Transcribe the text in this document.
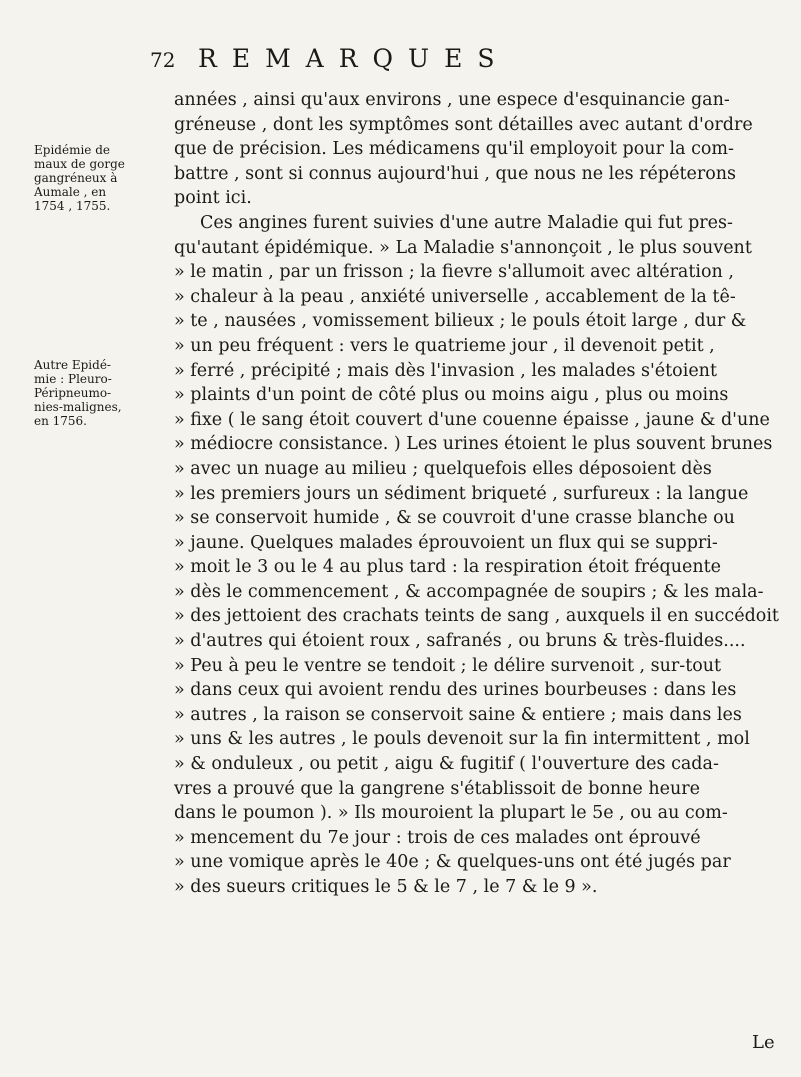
72 REMARQUES
Epidémie de
maux de gorge
gangréneux à
Aumale , en
1754 , 1755.
Autre Epidé-
mie : Pleuro-
Péripneumo-
nies-malignes,
en 1756.
années , ainsi qu'aux environs , une espece d'esquinancie gan-
gréneuse , dont les symptômes sont détailles avec autant d'ordre
que de précision. Les médicamens qu'il employoit pour la com-
battre , sont si connus aujourd'hui , que nous ne les répéterons
point ici.
Ces angines furent suivies d'une autre Maladie qui fut pres-
qu'autant épidémique. » La Maladie s'annonçoit , le plus souvent
» le matin , par un frisson ; la fievre s'allumoit avec altération ,
» chaleur à la peau , anxiété universelle , accablement de la tê-
» te , nausées , vomissement bilieux ; le pouls étoit large , dur &
» un peu fréquent : vers le quatrieme jour , il devenoit petit ,
» ferré , précipité ; mais dès l'invasion , les malades s'étoient
» plaints d'un point de côté plus ou moins aigu , plus ou moins
» fixe ( le sang étoit couvert d'une couenne épaisse , jaune & d'une
» médiocre consistance. ) Les urines étoient le plus souvent brunes
» avec un nuage au milieu ; quelquefois elles déposoient dès
» les premiers jours un sédiment briqueté , surfureux : la langue
» se conservoit humide , & se couvroit d'une crasse blanche ou
» jaune. Quelques malades éprouvoient un flux qui se suppri-
» moit le 3 ou le 4 au plus tard : la respiration étoit fréquente
» dès le commencement , & accompagnée de soupirs ; & les mala-
» des jettoient des crachats teints de sang , auxquels il en succédoit
» d'autres qui étoient roux , safranés , ou bruns & très-fluides....
» Peu à peu le ventre se tendoit ; le délire survenoit , sur-tout
» dans ceux qui avoient rendu des urines bourbeuses : dans les
» autres , la raison se conservoit saine & entiere ; mais dans les
» uns & les autres , le pouls devenoit sur la fin intermittent , mol
» & onduleux , ou petit , aigu & fugitif ( l'ouverture des cada-
vres a prouvé que la gangrene s'établissoit de bonne heure
dans le poumon ). » Ils mouroient la plupart le 5e , ou au com-
» mencement du 7e jour : trois de ces malades ont éprouvé
» une vomique après le 40e ; & quelques-uns ont été jugés par
» des sueurs critiques le 5 & le 7 , le 7 & le 9 ».
Le
